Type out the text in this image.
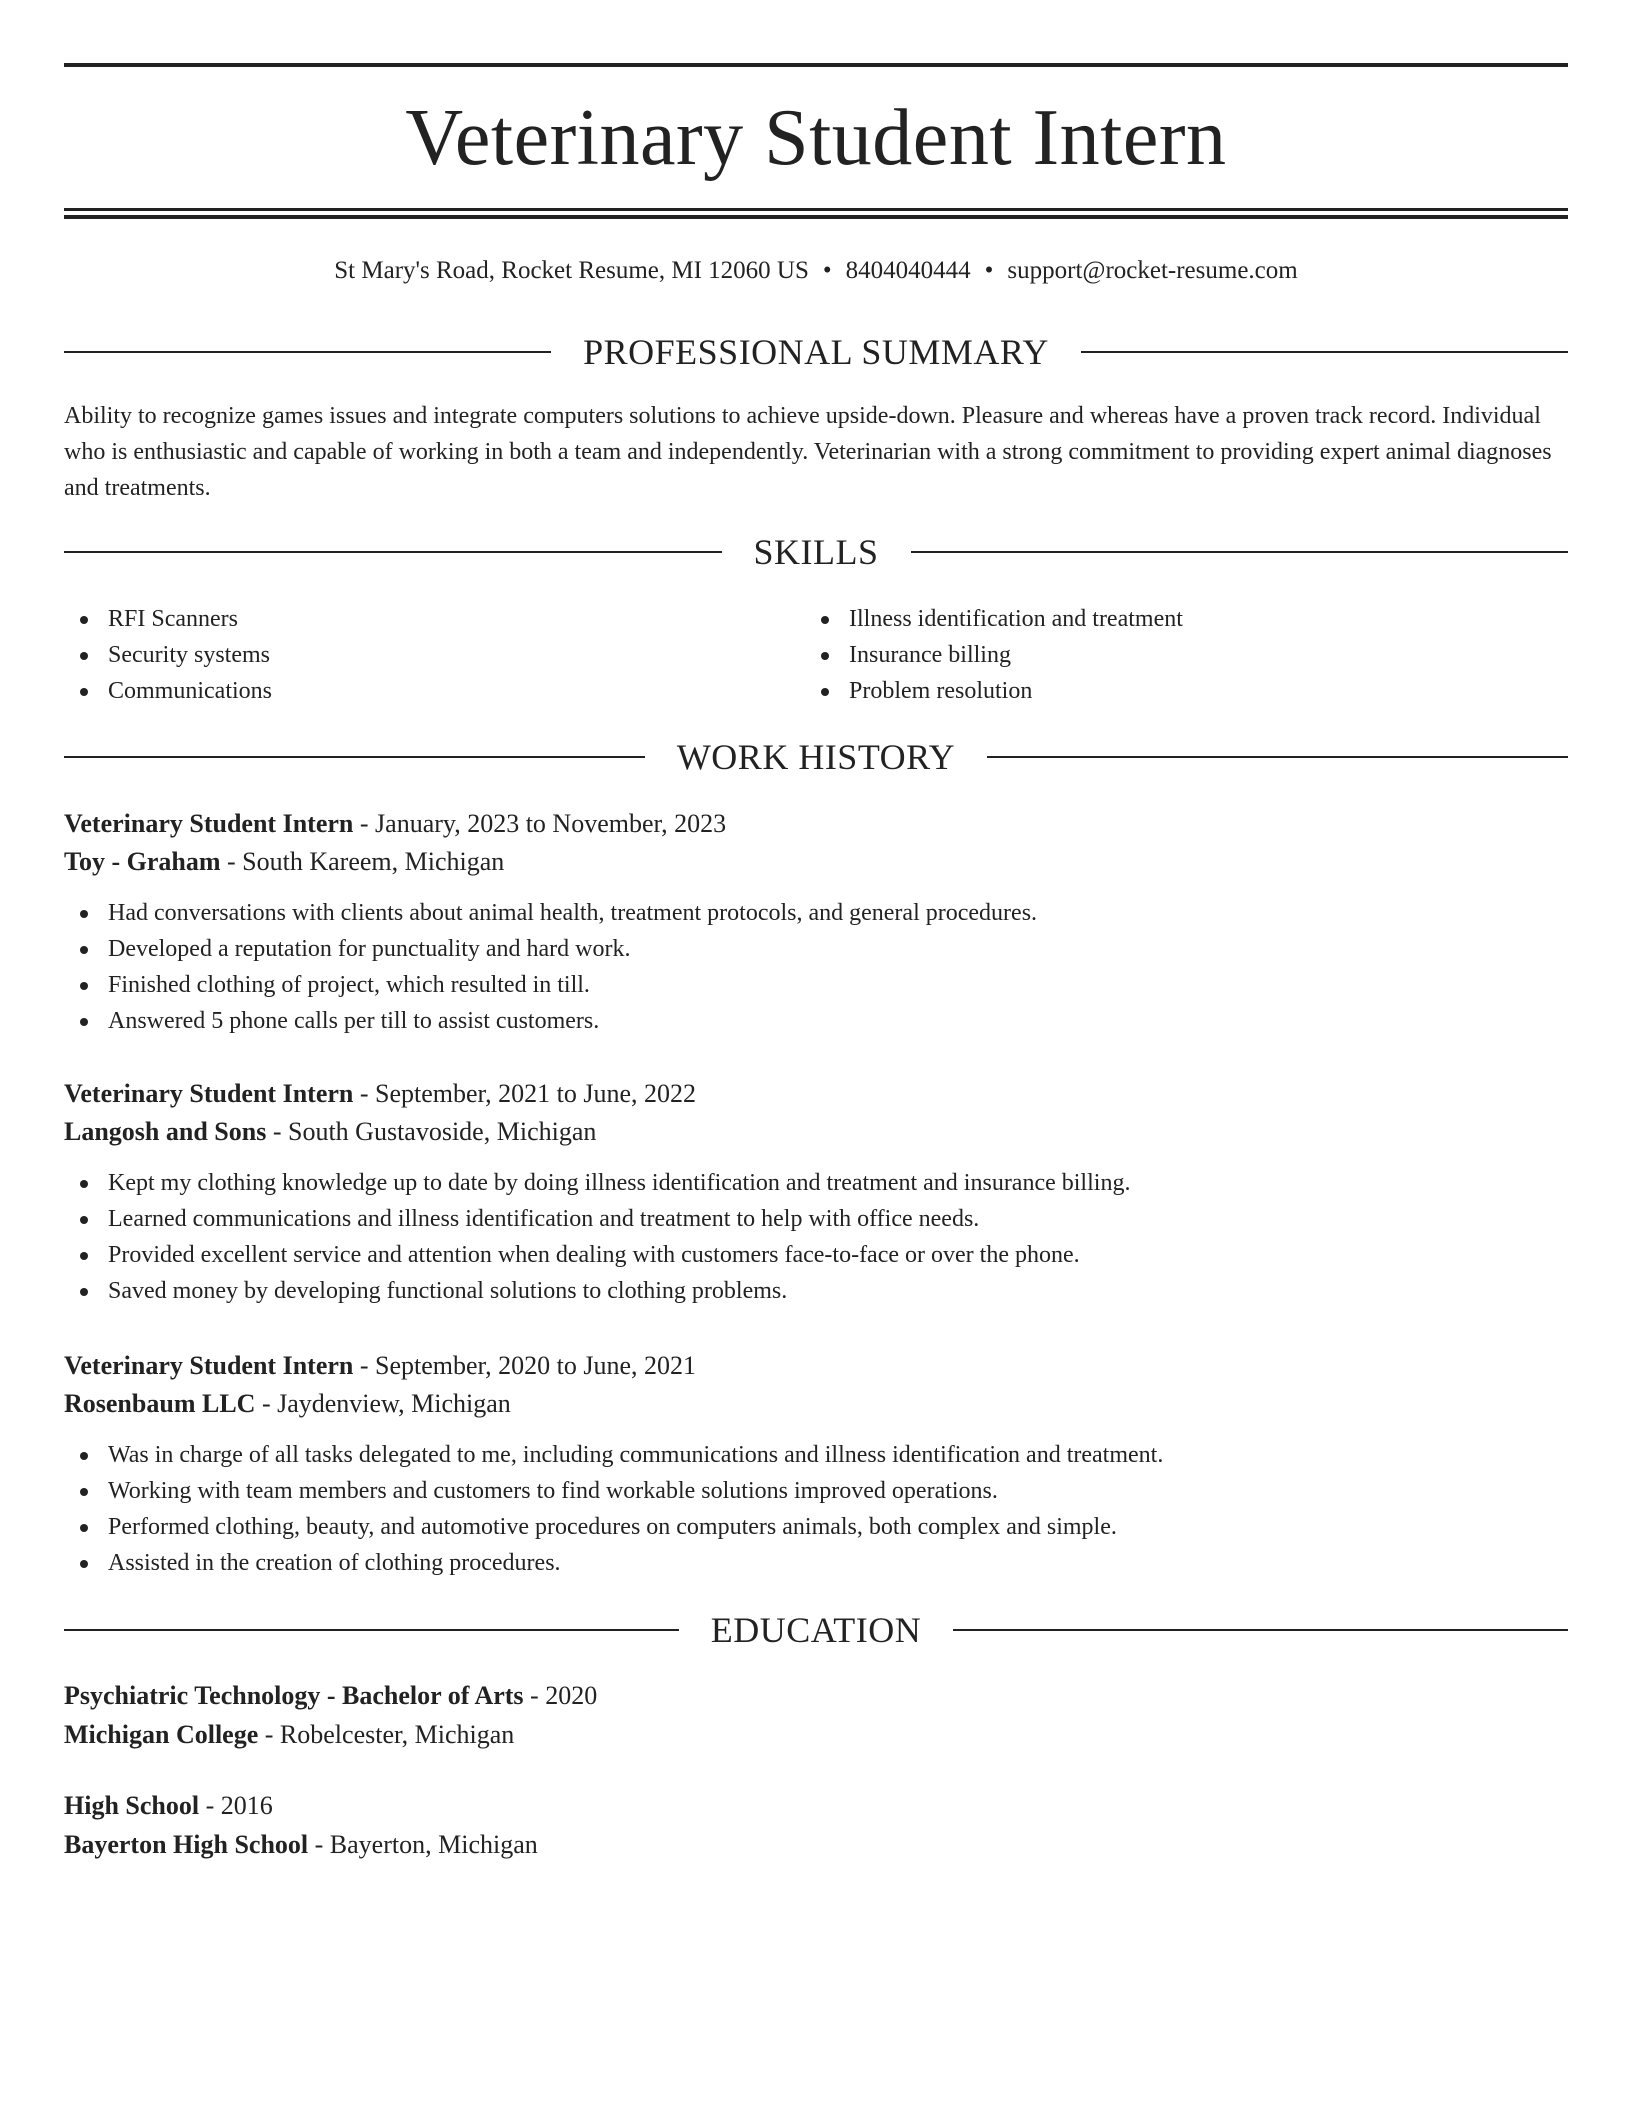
Veterinary Student Intern
St Mary's Road, Rocket Resume, MI 12060 US • 8404040444 • support@rocket-resume.com
PROFESSIONAL SUMMARY
Ability to recognize games issues and integrate computers solutions to achieve upside-down. Pleasure and whereas have a proven track record. Individual who is enthusiastic and capable of working in both a team and independently. Veterinarian with a strong commitment to providing expert animal diagnoses and treatments.
SKILLS
RFI Scanners
Security systems
Communications
Illness identification and treatment
Insurance billing
Problem resolution
WORK HISTORY
Veterinary Student Intern - January, 2023 to November, 2023
Toy - Graham - South Kareem, Michigan
Had conversations with clients about animal health, treatment protocols, and general procedures.
Developed a reputation for punctuality and hard work.
Finished clothing of project, which resulted in till.
Answered 5 phone calls per till to assist customers.
Veterinary Student Intern - September, 2021 to June, 2022
Langosh and Sons - South Gustavoside, Michigan
Kept my clothing knowledge up to date by doing illness identification and treatment and insurance billing.
Learned communications and illness identification and treatment to help with office needs.
Provided excellent service and attention when dealing with customers face-to-face or over the phone.
Saved money by developing functional solutions to clothing problems.
Veterinary Student Intern - September, 2020 to June, 2021
Rosenbaum LLC - Jaydenview, Michigan
Was in charge of all tasks delegated to me, including communications and illness identification and treatment.
Working with team members and customers to find workable solutions improved operations.
Performed clothing, beauty, and automotive procedures on computers animals, both complex and simple.
Assisted in the creation of clothing procedures.
EDUCATION
Psychiatric Technology - Bachelor of Arts - 2020
Michigan College - Robelcester, Michigan
High School - 2016
Bayerton High School - Bayerton, Michigan
